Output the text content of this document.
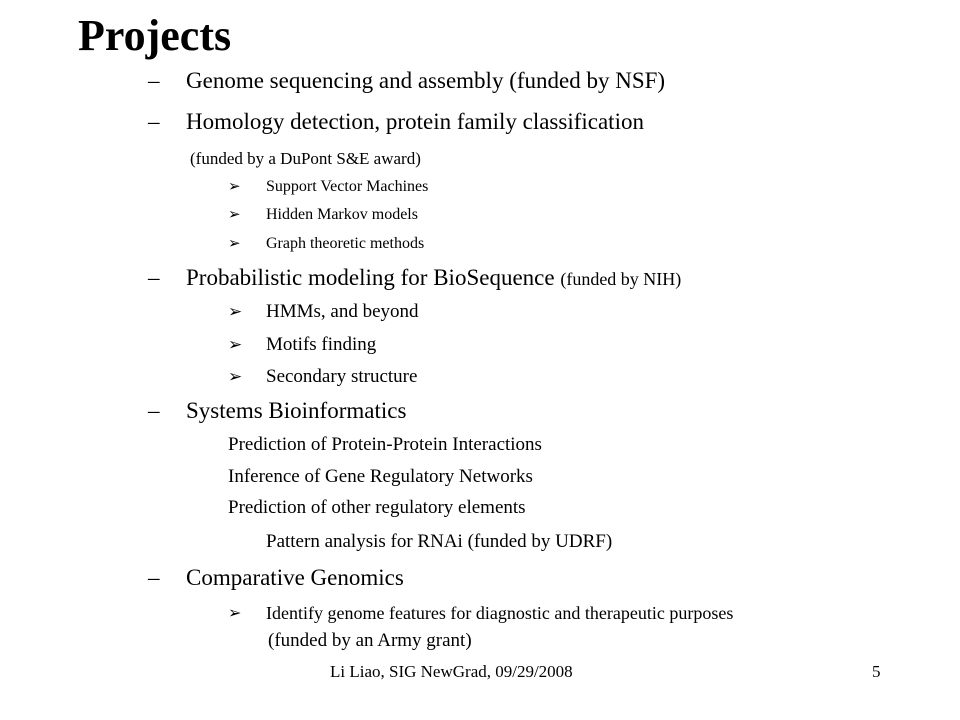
Projects
– Genome sequencing and assembly (funded by NSF)
– Homology detection, protein family classification
(funded by a DuPont S&E award)
➢ Support Vector Machines
➢ Hidden Markov models
➢ Graph theoretic methods
– Probabilistic modeling for BioSequence (funded by NIH)
➢ HMMs, and beyond
➢ Motifs finding
➢ Secondary structure
– Systems Bioinformatics
Prediction of Protein-Protein Interactions
Inference of Gene Regulatory Networks
Prediction of other regulatory elements
Pattern analysis for RNAi (funded by UDRF)
– Comparative Genomics
➢ Identify genome features for diagnostic and therapeutic purposes
(funded by an Army grant)
Li Liao, SIG NewGrad, 09/29/2008	5
